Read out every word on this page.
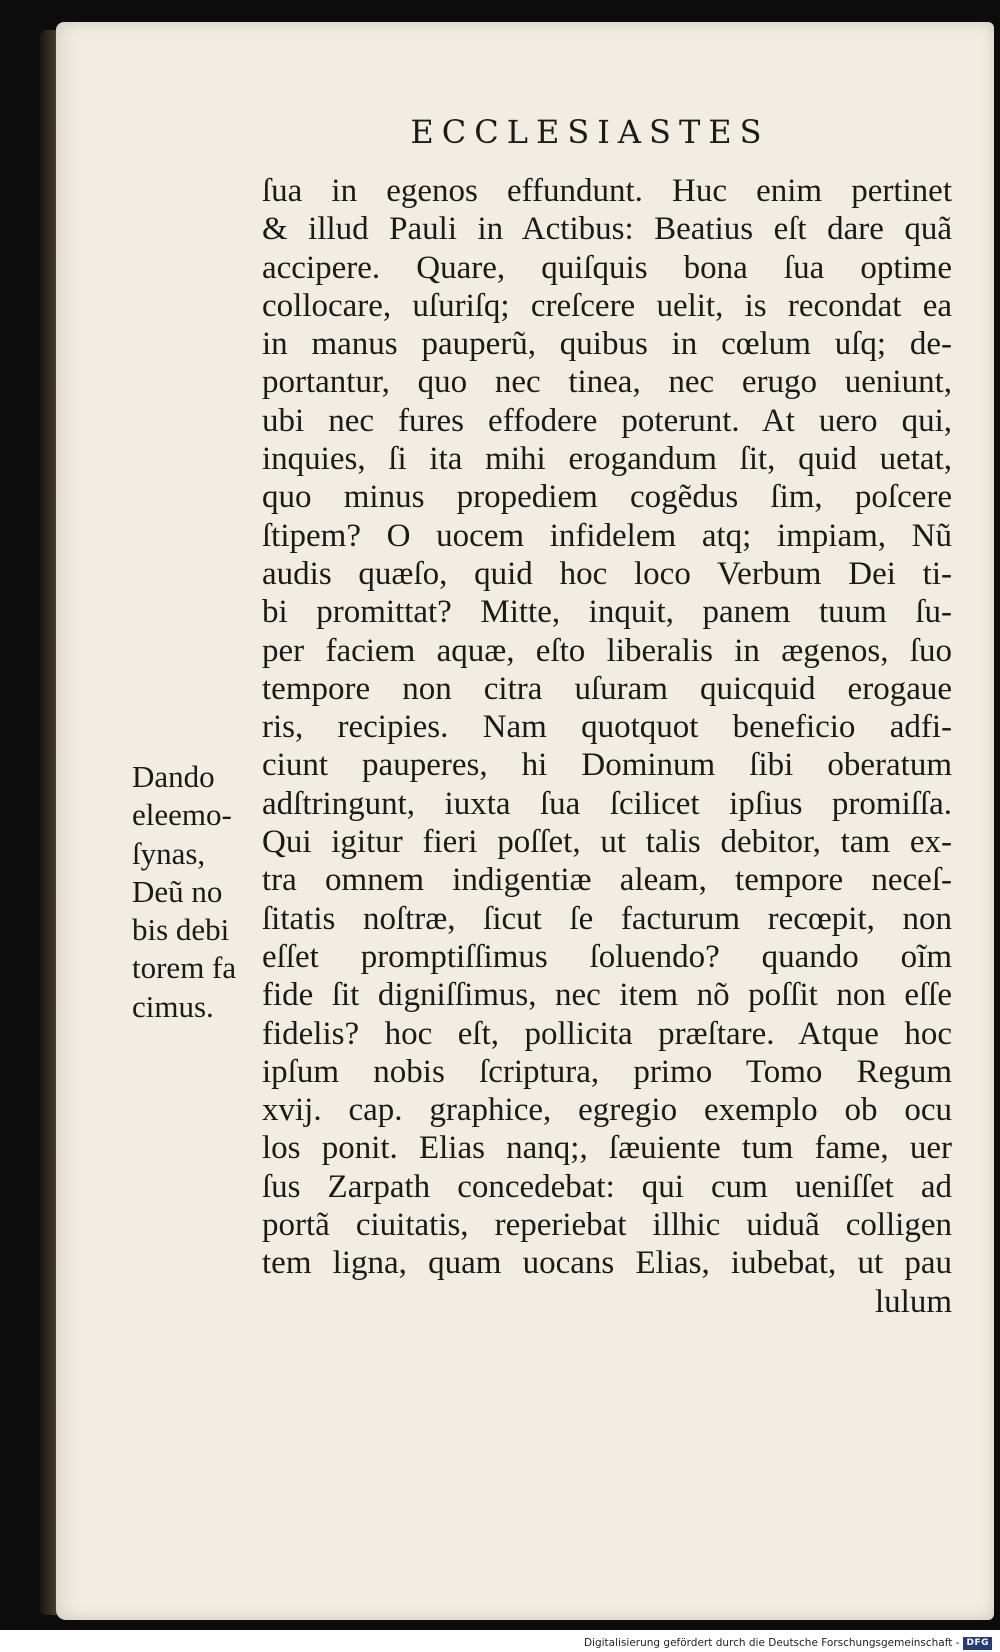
ECCLESIASTES
ſua in egenos effundunt. Huc enim pertinet
& illud Pauli in Actibus: Beatius eſt dare quã
accipere. Quare, quiſquis bona ſua optime
collocare, uſuriſq; creſcere uelit, is recondat ea
in manus pauperũ, quibus in cœlum uſq; de-
portantur, quo nec tinea, nec erugo ueniunt,
ubi nec fures effodere poterunt. At uero qui,
inquies, ſi ita mihi erogandum ſit, quid uetat,
quo minus propediem cogẽdus ſim, poſcere
ſtipem? O uocem infidelem atq; impiam, Nũ
audis quæſo, quid hoc loco Verbum Dei ti-
bi promittat? Mitte, inquit, panem tuum ſu-
per faciem aquæ, eſto liberalis in ægenos, ſuo
tempore non citra uſuram quicquid erogaue
ris, recipies. Nam quotquot beneficio adfi-
ciunt pauperes, hi Dominum ſibi oberatum
adſtringunt, iuxta ſua ſcilicet ipſius promiſſa.
Qui igitur fieri poſſet, ut talis debitor, tam ex-
tra omnem indigentiæ aleam, tempore neceſ-
ſitatis noſtræ, ſicut ſe facturum recœpit, non
eſſet promptiſſimus ſoluendo? quando oĩm
fide ſit digniſſimus, nec item nõ poſſit non eſſe
fidelis? hoc eſt, pollicita præſtare. Atque hoc
ipſum nobis ſcriptura, primo Tomo Regum
xvij. cap. graphice, egregio exemplo ob ocu
los ponit. Elias nanq;, ſæuiente tum fame, uer
ſus Zarpath concedebat: qui cum ueniſſet ad
portã ciuitatis, reperiebat illhic uiduã colligen
tem ligna, quam uocans Elias, iubebat, ut pau
lulum
Dando
eleemo-
ſynas,
Deũ no
bis debi
torem fa
cimus.
Digitalisierung gefördert durch die Deutsche Forschungsgemeinschaft - DFG
